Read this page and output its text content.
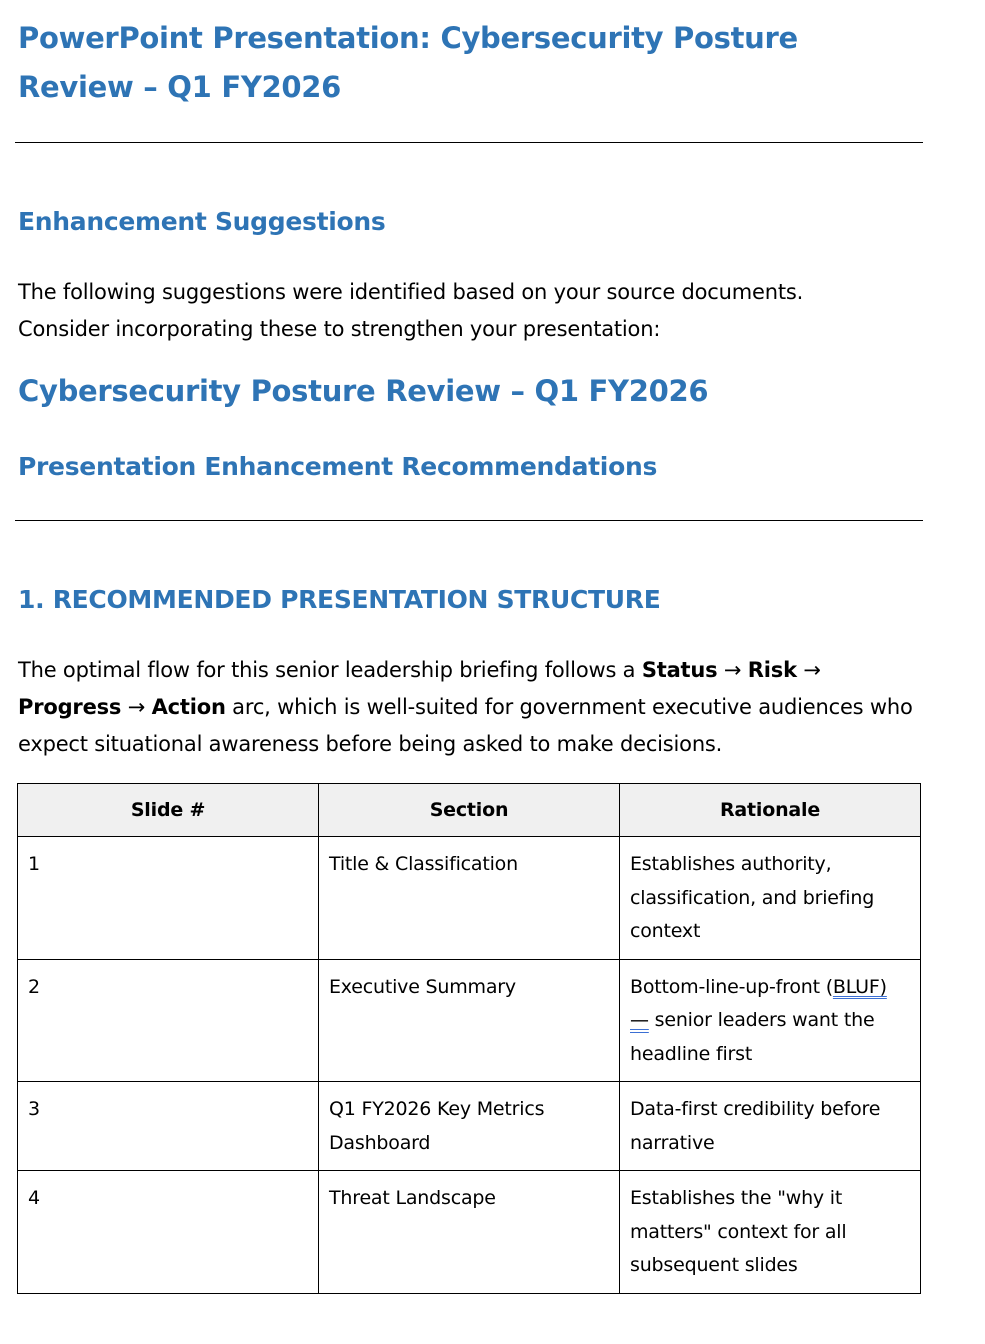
PowerPoint Presentation: Cybersecurity Posture Review – Q1 FY2026
Enhancement Suggestions

The following suggestions were identified based on your source documents.
Consider incorporating these to strengthen your presentation:

Cybersecurity Posture Review – Q1 FY2026
Presentation Enhancement Recommendations
1. RECOMMENDED PRESENTATION STRUCTURE

The optimal flow for this senior leadership briefing follows a Status → Risk → Progress → Action arc, which is well-suited for government executive audiences who expect situational awareness before being asked to make decisions.

Slide #	Section	Rationale
1	Title & Classification	Establishes authority, classification, and briefing context
2	Executive Summary	Bottom-line-up-front (BLUF) — senior leaders want the headline first
3	Q1 FY2026 Key Metrics Dashboard	Data-first credibility before narrative
4	Threat Landscape	Establishes the "why it matters" context for all subsequent slides
